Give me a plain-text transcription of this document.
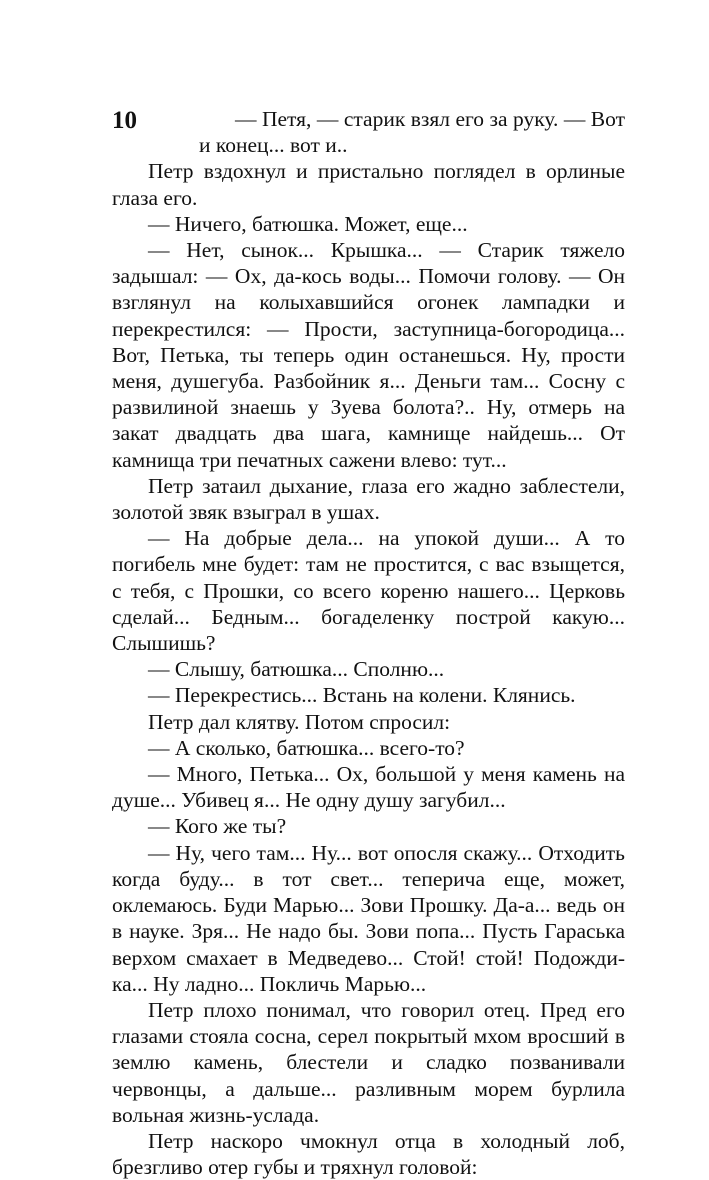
10	— Петя, — старик взял его за руку. — Вот и конец... вот и..

Петр вздохнул и пристально поглядел в орлиные глаза его.

— Ничего, батюшка. Может, еще...

— Нет, сынок... Крышка... — Старик тяжело задышал: — Ох, да-кось воды... Помочи голову. — Он взглянул на колыхавшийся огонек лампадки и перекрестился: — Прости, заступница-богородица... Вот, Петька, ты теперь один останешься. Ну, прости меня, душегуба. Разбойник я... Деньги там... Сосну с развилиной знаешь у Зуева болота?.. Ну, отмерь на закат двадцать два шага, камнище найдешь... От камнища три печатных сажени влево: тут...

Петр затаил дыхание, глаза его жадно заблестели, золотой звяк взыграл в ушах.

— На добрые дела... на упокой души... А то погибель мне будет: там не простится, с вас взыщется, с тебя, с Прошки, со всего кореню нашего... Церковь сделай... Бедным... богаделенку построй какую... Слышишь?

— Слышу, батюшка... Сполню...

— Перекрестись... Встань на колени. Клянись.

Петр дал клятву. Потом спросил:

— А сколько, батюшка... всего-то?

— Много, Петька... Ох, большой у меня камень на душе... Убивец я... Не одну душу загубил...

— Кого же ты?

— Ну, чего там... Ну... вот опосля скажу... Отходить когда буду... в тот свет... теперича еще, может, оклемаюсь. Буди Марью... Зови Прошку. Да-а... ведь он в науке. Зря... Не надо бы. Зови попа... Пусть Гараська верхом смахает в Медведево... Стой! стой! Подожди-ка... Ну ладно... Покличь Марью...

Петр плохо понимал, что говорил отец. Пред его глазами стояла сосна, серел покрытый мхом вросший в землю камень, блестели и сладко позванивали червонцы, а дальше... разливным морем бурлила вольная жизнь-услада.

Петр наскоро чмокнул отца в холодный лоб, брезгливо отер губы и тряхнул головой:
